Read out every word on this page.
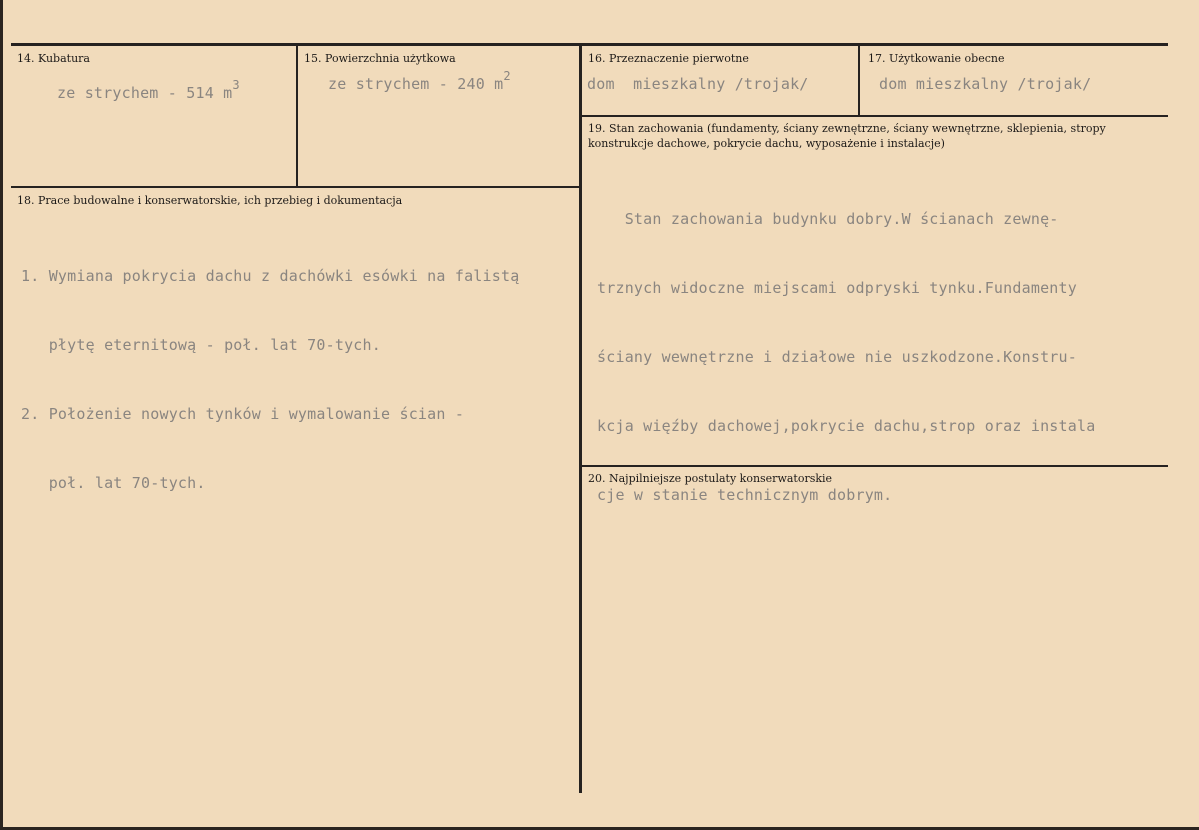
14. Kubatura
ze strychem - 514 $m^3$
15. Powierzchnia użytkowa
ze strychem - 240 $m^2$
16. Przeznaczenie pierwotne
dom  mieszkalny /trojak/
17. Użytkowanie obecne
dom mieszkalny /trojak/
18. Prace budowalne i konserwatorskie, ich przebieg i dokumentacja

1. Wymiana pokrycia dachu z dachówki esówki na falistą

płytę eternitową - poł. lat 70-tych.

2. Położenie nowych tynków i wymalowanie ścian -

poł. lat 70-tych.

19. Stan zachowania (fundamenty, ściany zewnętrzne, ściany wewnętrzne, sklepienia, stropy konstrukcje dachowe, pokrycie dachu, wyposażenie i instalacje)

Stan zachowania budynku dobry.W ścianach zewnę-

trznych widoczne miejscami odpryski tynku.Fundamenty

ściany wewnętrzne i działowe nie uszkodzone.Konstru-

kcja więźby dachowej,pokrycie dachu,strop oraz instala

cje w stanie technicznym dobrym.

20. Najpilniejsze postulaty konserwatorskie
